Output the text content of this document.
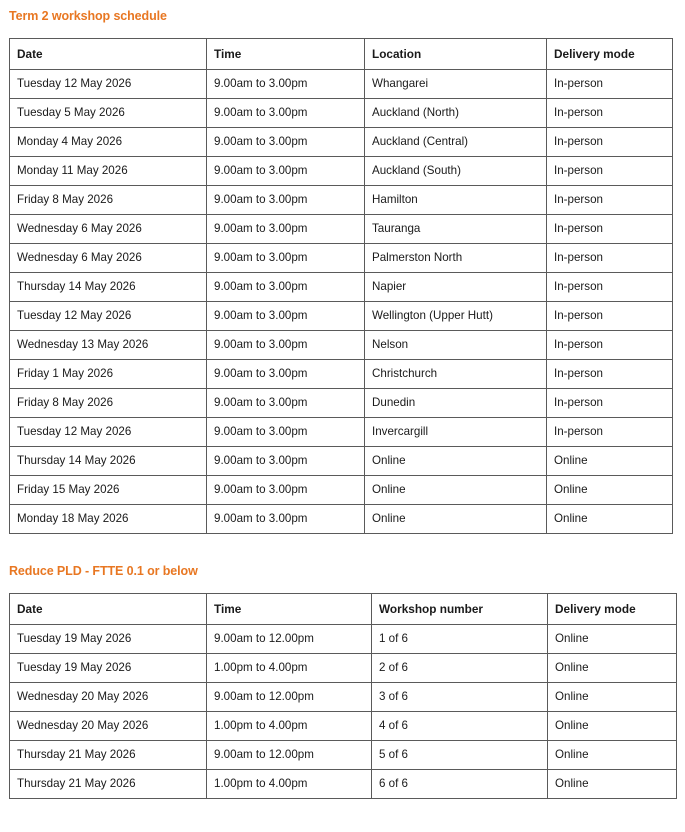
Term 2 workshop schedule
Date	Time	Location	Delivery mode
Tuesday 12 May 2026	9.00am to 3.00pm	Whangarei	In-person
Tuesday 5 May 2026	9.00am to 3.00pm	Auckland (North)	In-person
Monday 4 May 2026	9.00am to 3.00pm	Auckland (Central)	In-person
Monday 11 May 2026	9.00am to 3.00pm	Auckland (South)	In-person
Friday 8 May 2026	9.00am to 3.00pm	Hamilton	In-person
Wednesday 6 May 2026	9.00am to 3.00pm	Tauranga	In-person
Wednesday 6 May 2026	9.00am to 3.00pm	Palmerston North	In-person
Thursday 14 May 2026	9.00am to 3.00pm	Napier	In-person
Tuesday 12 May 2026	9.00am to 3.00pm	Wellington (Upper Hutt)	In-person
Wednesday 13 May 2026	9.00am to 3.00pm	Nelson	In-person
Friday 1 May 2026	9.00am to 3.00pm	Christchurch	In-person
Friday 8 May 2026	9.00am to 3.00pm	Dunedin	In-person
Tuesday 12 May 2026	9.00am to 3.00pm	Invercargill	In-person
Thursday 14 May 2026	9.00am to 3.00pm	Online	Online
Friday 15 May 2026	9.00am to 3.00pm	Online	Online
Monday 18 May 2026	9.00am to 3.00pm	Online	Online
Reduce PLD - FTTE 0.1 or below
Date	Time	Workshop number	Delivery mode
Tuesday 19 May 2026	9.00am to 12.00pm	1 of 6	Online
Tuesday 19 May 2026	1.00pm to 4.00pm	2 of 6	Online
Wednesday 20 May 2026	9.00am to 12.00pm	3 of 6	Online
Wednesday 20 May 2026	1.00pm to 4.00pm	4 of 6	Online
Thursday 21 May 2026	9.00am to 12.00pm	5 of 6	Online
Thursday 21 May 2026	1.00pm to 4.00pm	6 of 6	Online
